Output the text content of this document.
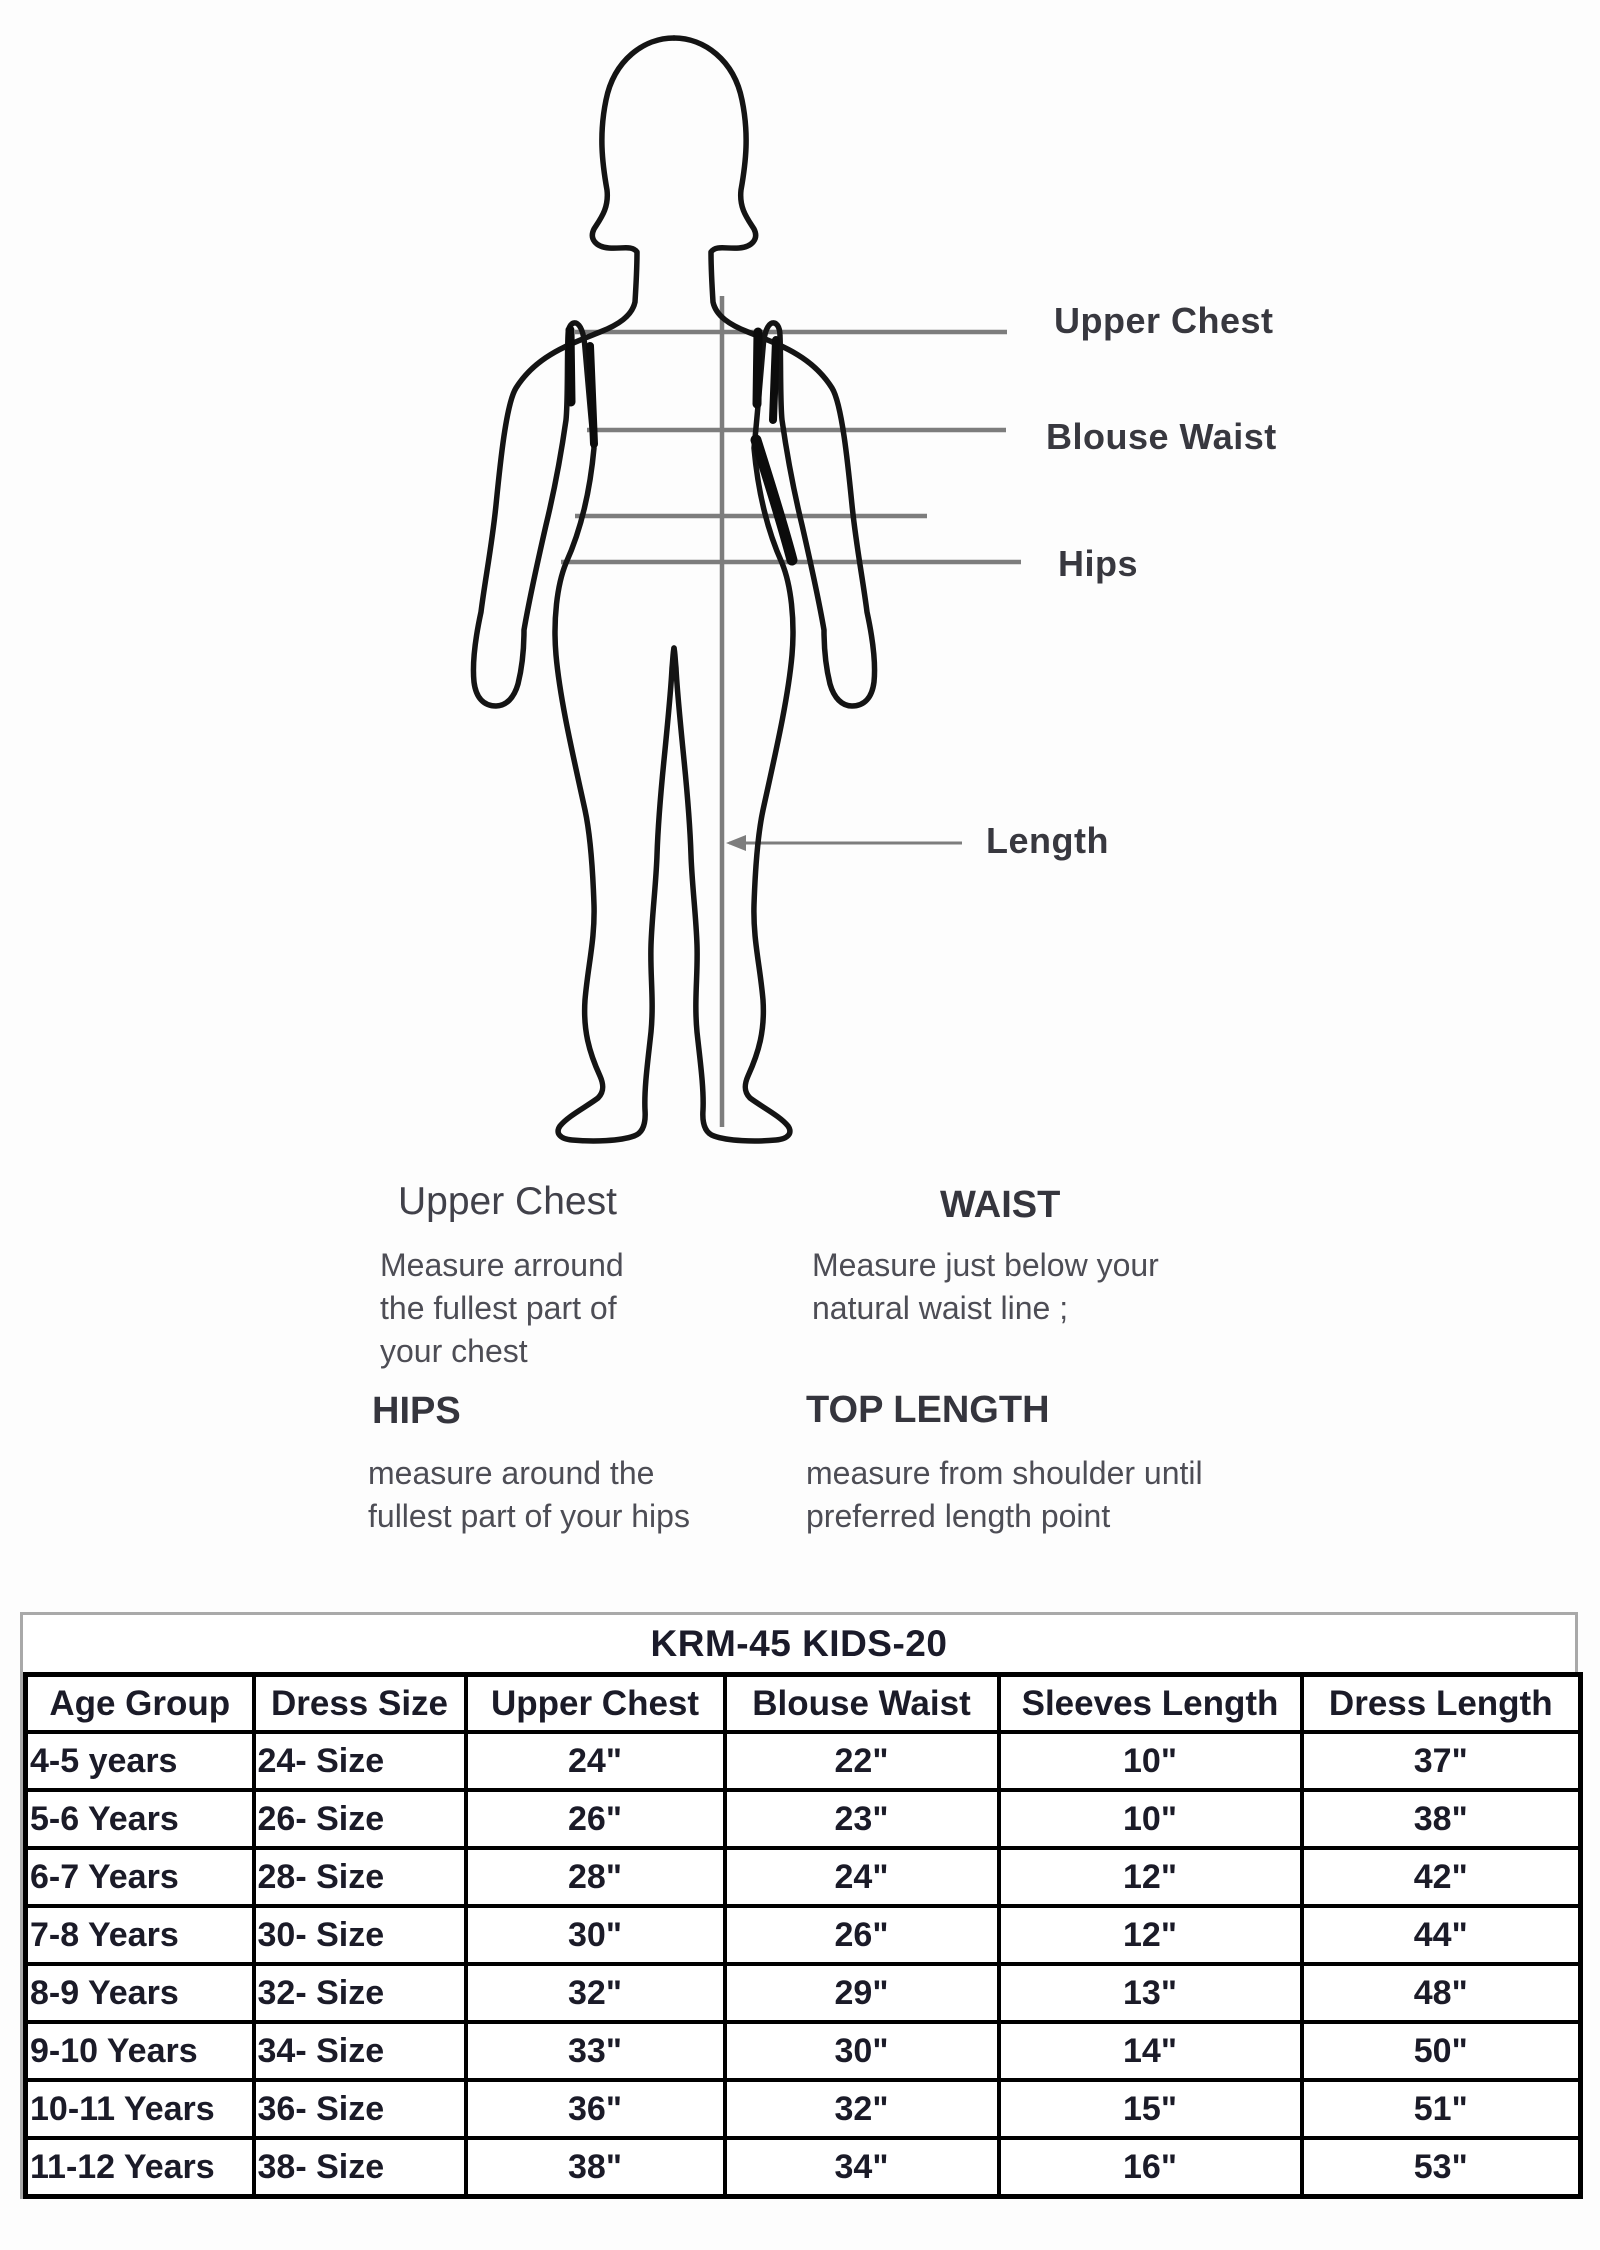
Upper Chest
Blouse Waist
Hips
Length
Upper Chest
Measure arround
the fullest part of
your chest
WAIST
Measure just below your
natural waist line ;
HIPS
measure around the
fullest part of your hips
TOP LENGTH
measure from shoulder until
preferred length point
KRM-45 KIDS-20
Age Group	Dress Size	Upper Chest	Blouse Waist	Sleeves Length	Dress Length
4-5 years	24- Size	24"	22"	10"	37"
5-6 Years	26- Size	26"	23"	10"	38"
6-7 Years	28- Size	28"	24"	12"	42"
7-8 Years	30- Size	30"	26"	12"	44"
8-9 Years	32- Size	32"	29"	13"	48"
9-10 Years	34- Size	33"	30"	14"	50"
10-11 Years	36- Size	36"	32"	15"	51"
11-12 Years	38- Size	38"	34"	16"	53"
